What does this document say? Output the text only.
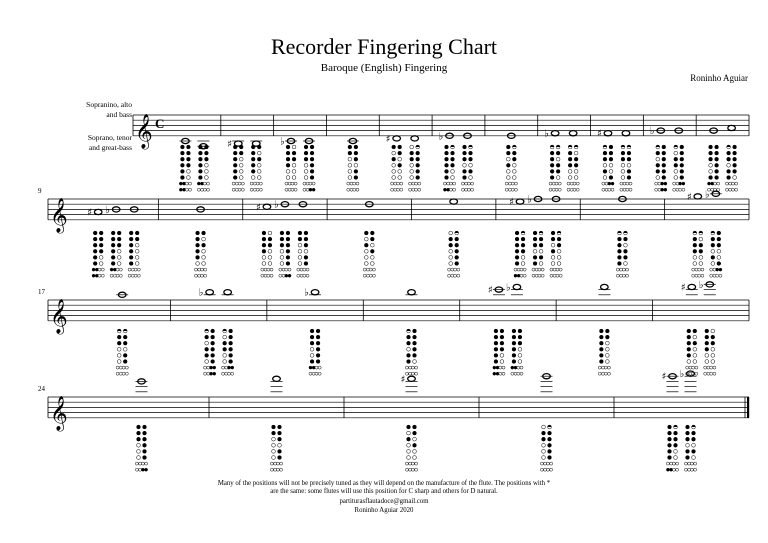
Recorder Fingering Chart
Baroque (English) Fingering
Roninho Aguiar
Sopranino, alto
and bass
Soprano, tenor
and great-bass 𝄞 C
♯	♭	♯	♭	♭	♯	♭
𝄞
9
♯ ♭	♯ ♭	♯ ♭	♯ ♭
𝄞
17	♭	♭	♯ ♭	♯ ♭
𝄞
24
♯	♯ ♭
Many of the positions will not be precisely tuned as they will depend on the manufacture of the flute. The positions with *
are the same: some flutes will use this position for C sharp and others for D natural.
partiturasflautadoce@gmail.com
Roninho Aguiar 2020
